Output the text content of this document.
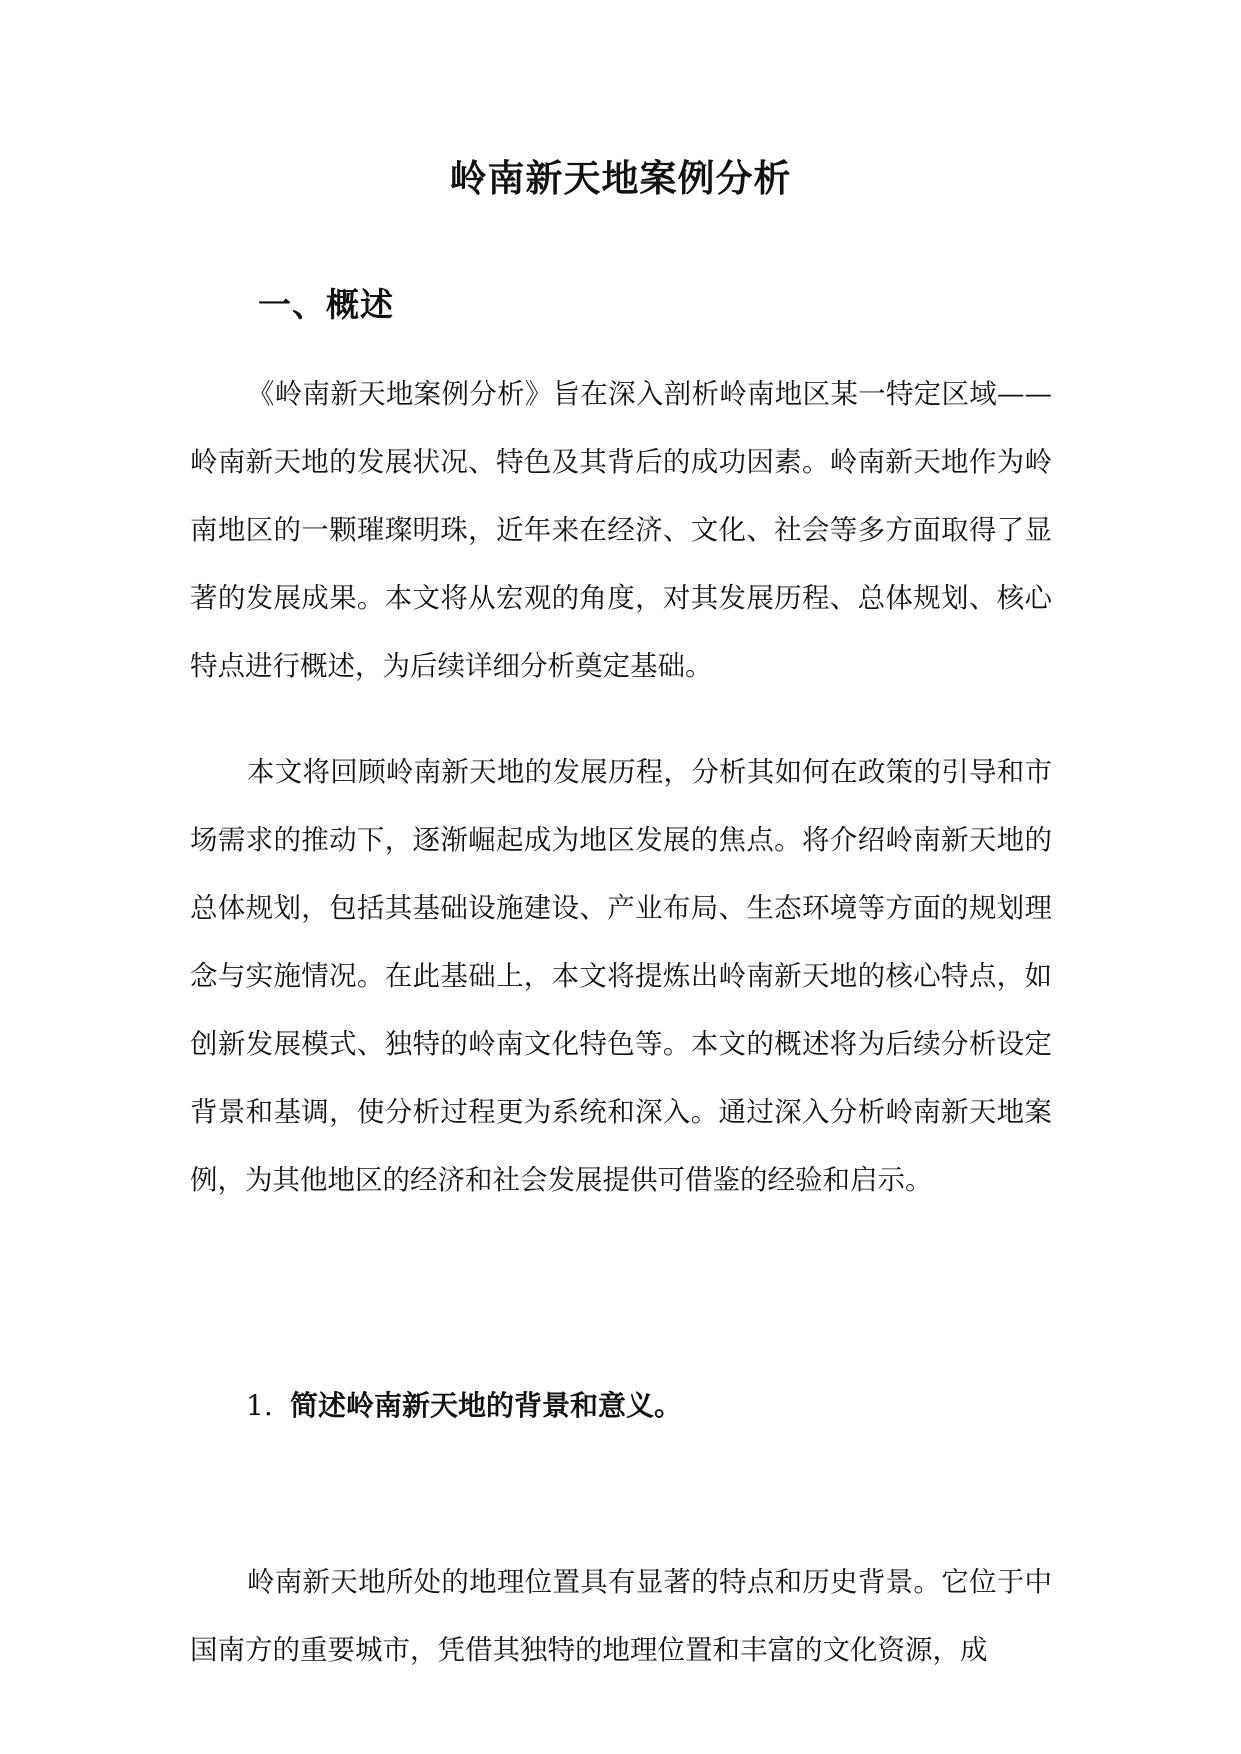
岭南新天地案例分析
一、概述

《岭南新天地案例分析》旨在深入剖析岭南地区某一特定区域——岭南新天地的发展状况、特色及其背后的成功因素。岭南新天地作为岭南地区的一颗璀璨明珠，近年来在经济、文化、社会等多方面取得了显著的发展成果。本文将从宏观的角度，对其发展历程、总体规划、核心特点进行概述，为后续详细分析奠定基础。

本文将回顾岭南新天地的发展历程，分析其如何在政策的引导和市场需求的推动下，逐渐崛起成为地区发展的焦点。将介绍岭南新天地的总体规划，包括其基础设施建设、产业布局、生态环境等方面的规划理念与实施情况。在此基础上，本文将提炼出岭南新天地的核心特点，如创新发展模式、独特的岭南文化特色等。本文的概述将为后续分析设定背景和基调，使分析过程更为系统和深入。通过深入分析岭南新天地案例，为其他地区的经济和社会发展提供可借鉴的经验和启示。

1. 简述岭南新天地的背景和意义。

岭南新天地所处的地理位置具有显著的特点和历史背景。它位于中国南方的重要城市，凭借其独特的地理位置和丰富的文化资源，成
